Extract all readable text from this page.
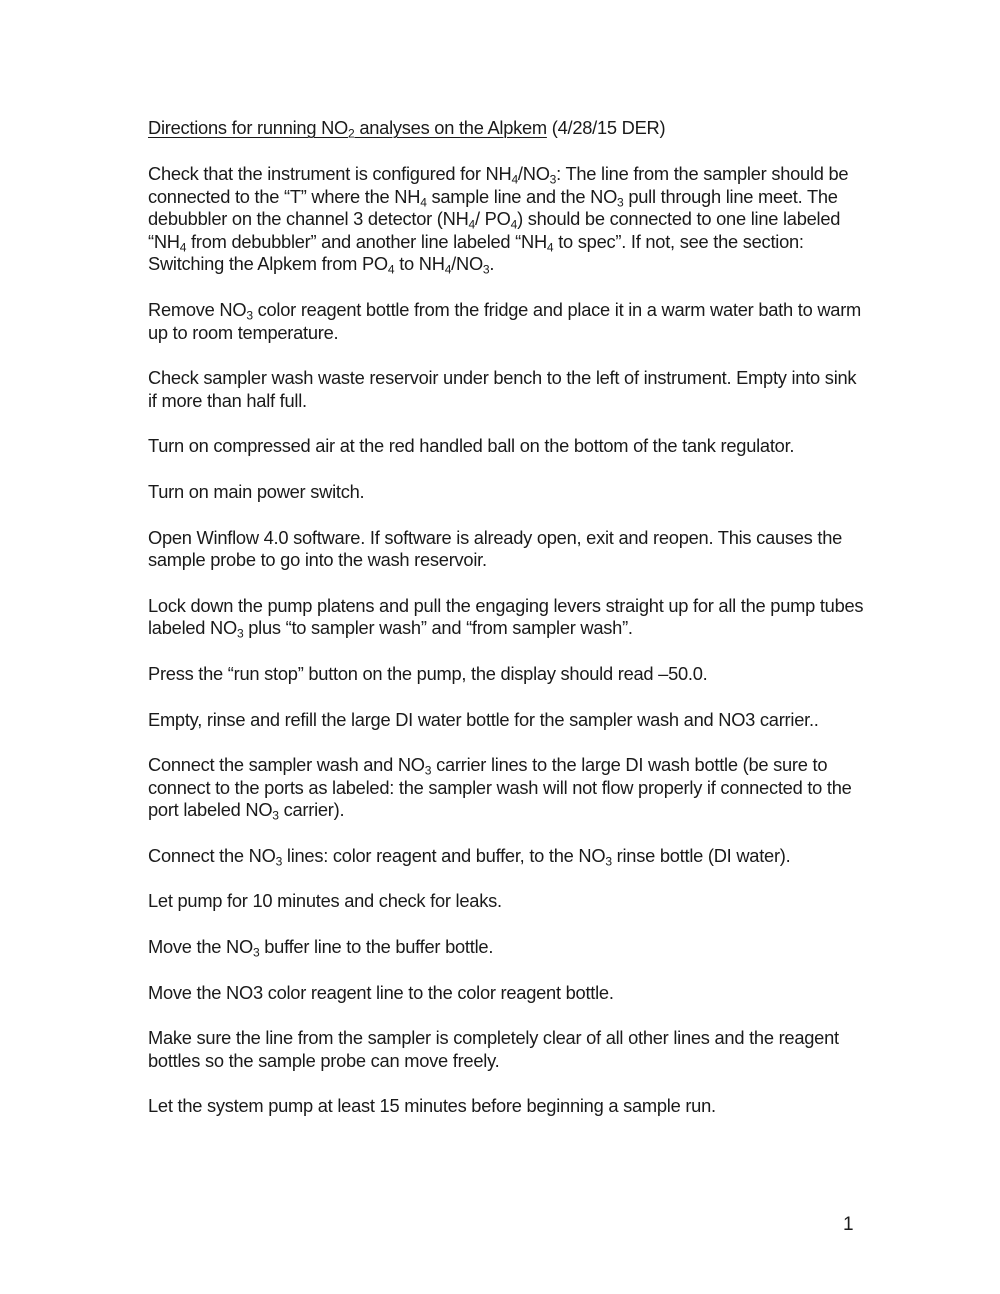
Directions for running $NO_2$ analyses on the Alpkem (4/28/15 DER)

Check that the instrument is configured for $NH_4/NO_3$: The line from the sampler should be connected to the “T” where the $NH_4$ sample line and the $NO_3$ pull through line meet. The debubbler on the channel 3 detector ($NH_4/$ $PO_4$) should be connected to one line labeled “$NH_4$ from debubbler” and another line labeled “$NH_4$ to spec”. If not, see the section: Switching the Alpkem from $PO_4$ to $NH_4/NO_3$.

Remove $NO_3$ color reagent bottle from the fridge and place it in a warm water bath to warm up to room temperature.

Check sampler wash waste reservoir under bench to the left of instrument. Empty into sink if more than half full.

Turn on compressed air at the red handled ball on the bottom of the tank regulator.

Turn on main power switch.

Open Winflow 4.0 software. If software is already open, exit and reopen. This causes the sample probe to go into the wash reservoir.

Lock down the pump platens and pull the engaging levers straight up for all the pump tubes labeled $NO_3$ plus “to sampler wash” and “from sampler wash”.

Press the “run stop” button on the pump, the display should read –50.0.

Empty, rinse and refill the large DI water bottle for the sampler wash and NO3 carrier..

Connect the sampler wash and $NO_3$ carrier lines to the large DI wash bottle (be sure to connect to the ports as labeled: the sampler wash will not flow properly if connected to the port labeled $NO_3$ carrier).

Connect the $NO_3$ lines: color reagent and buffer, to the $NO_3$ rinse bottle (DI water).

Let pump for 10 minutes and check for leaks.

Move the $NO_3$ buffer line to the buffer bottle.

Move the NO3 color reagent line to the color reagent bottle.

Make sure the line from the sampler is completely clear of all other lines and the reagent bottles so the sample probe can move freely.

Let the system pump at least 15 minutes before beginning a sample run.

1
